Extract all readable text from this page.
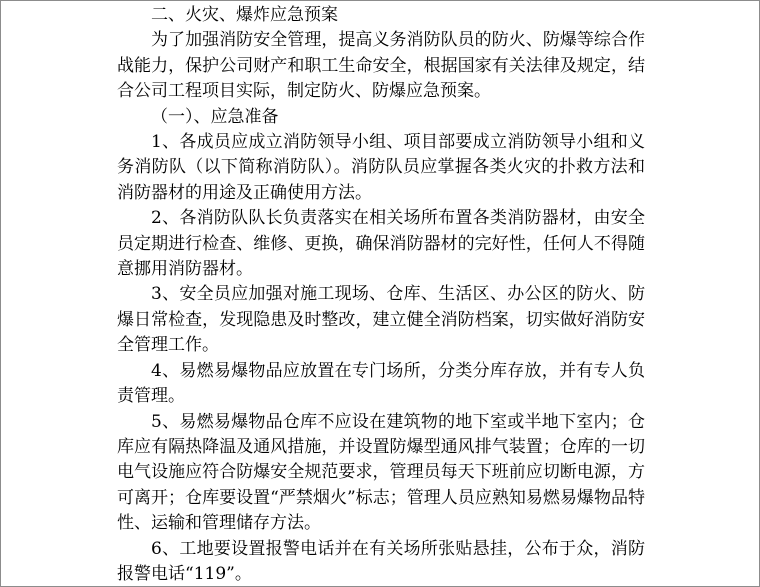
二、火灾、爆炸应急预案

为了加强消防安全管理，提高义务消防队员的防火、防爆等综合作战能力，保护公司财产和职工生命安全，根据国家有关法律及规定，结合公司工程项目实际，制定防火、防爆应急预案。

（一）、应急准备

1、各成员应成立消防领导小组、项目部要成立消防领导小组和义务消防队（以下简称消防队）。消防队员应掌握各类火灾的扑救方法和消防器材的用途及正确使用方法。

2、各消防队队长负责落实在相关场所布置各类消防器材，由安全员定期进行检查、维修、更换，确保消防器材的完好性，任何人不得随意挪用消防器材。

3、安全员应加强对施工现场、仓库、生活区、办公区的防火、防爆日常检查，发现隐患及时整改，建立健全消防档案，切实做好消防安全管理工作。

4、易燃易爆物品应放置在专门场所，分类分库存放，并有专人负责管理。

5、易燃易爆物品仓库不应设在建筑物的地下室或半地下室内；仓库应有隔热降温及通风措施，并设置防爆型通风排气装置；仓库的一切电气设施应符合防爆安全规范要求，管理员每天下班前应切断电源，方可离开；仓库要设置“严禁烟火”标志；管理人员应熟知易燃易爆物品特性、运输和管理储存方法。

6、工地要设置报警电话并在有关场所张贴悬挂，公布于众，消防报警电话“119”。
